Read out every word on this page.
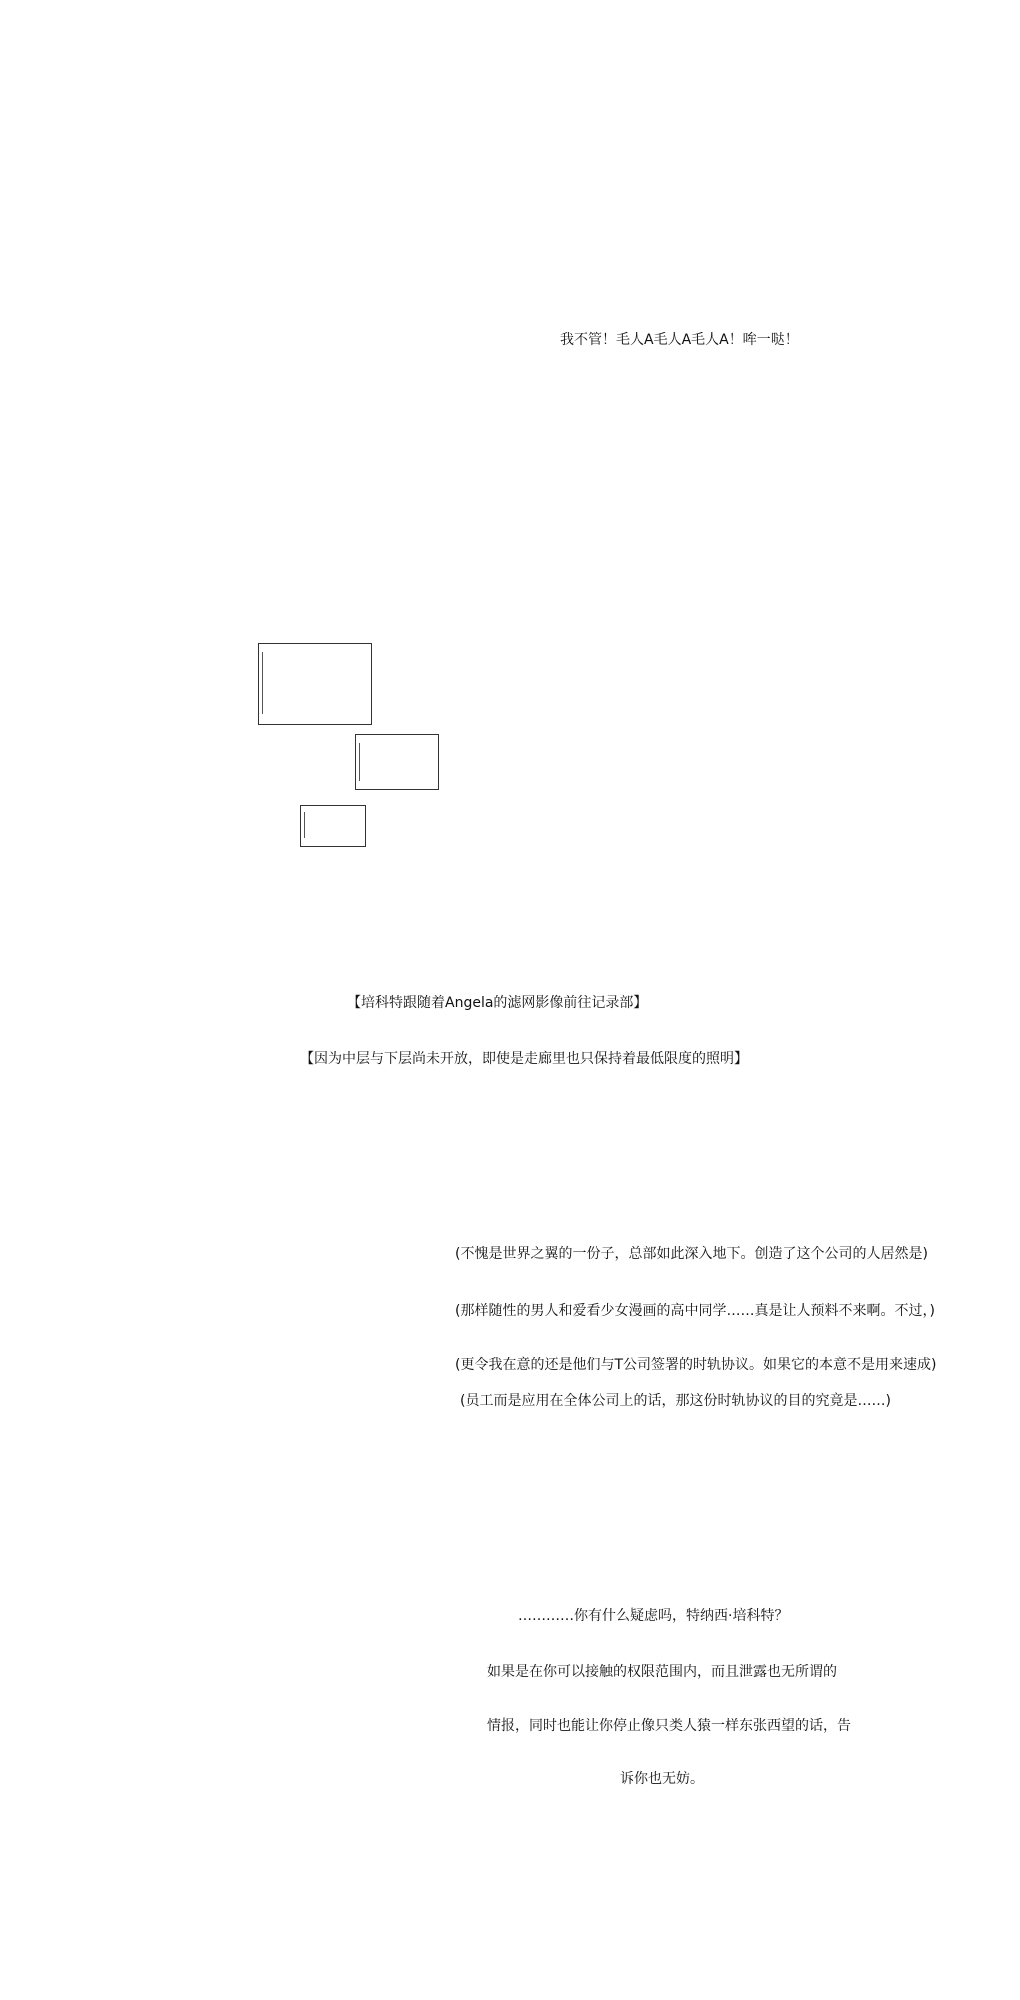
我不管！毛人A毛人A毛人A！哞一哒！

【培科特跟随着Angela的滤网影像前往记录部】

【因为中层与下层尚未开放，即使是走廊里也只保持着最低限度的照明】

(不愧是世界之翼的一份子，总部如此深入地下。创造了这个公司的人居然是)

(那样随性的男人和爱看少女漫画的高中同学……真是让人预料不来啊。不过，)

(更令我在意的还是他们与T公司签署的时轨协议。如果它的本意不是用来速成)

(员工而是应用在全体公司上的话，那这份时轨协议的目的究竟是……)

…………你有什么疑虑吗，特纳西·培科特？

如果是在你可以接触的权限范围内，而且泄露也无所谓的

情报，同时也能让你停止像只类人猿一样东张西望的话，告

诉你也无妨。
